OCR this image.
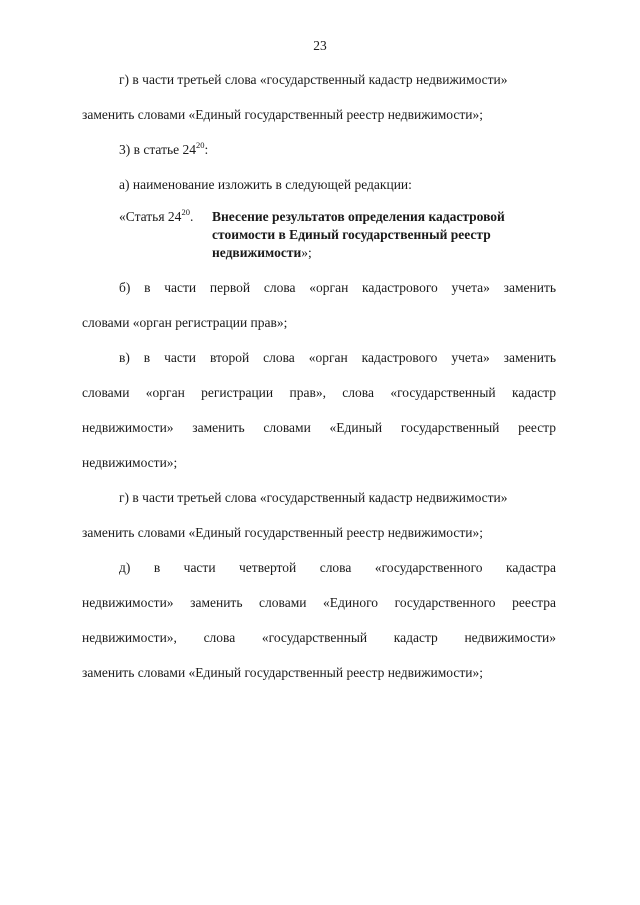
23
г) в части третьей слова «государственный кадастр недвижимости»
заменить словами «Единый государственный реестр недвижимости»;
3) в статье $24^{20}$:
а) наименование изложить в следующей редакции:
«Статья $24^{20}$. Внесение результатов определения кадастровой стоимости в Единый государственный реестр недвижимости»;
б) в части первой слова «орган кадастрового учета» заменить
словами «орган регистрации прав»;
в) в части второй слова «орган кадастрового учета» заменить
словами «орган регистрации прав», слова «государственный кадастр
недвижимости» заменить словами «Единый государственный реестр
недвижимости»;
г) в части третьей слова «государственный кадастр недвижимости»
заменить словами «Единый государственный реестр недвижимости»;
д) в части четвертой слова «государственного кадастра
недвижимости» заменить словами «Единого государственного реестра
недвижимости», слова «государственный кадастр недвижимости»
заменить словами «Единый государственный реестр недвижимости»;
